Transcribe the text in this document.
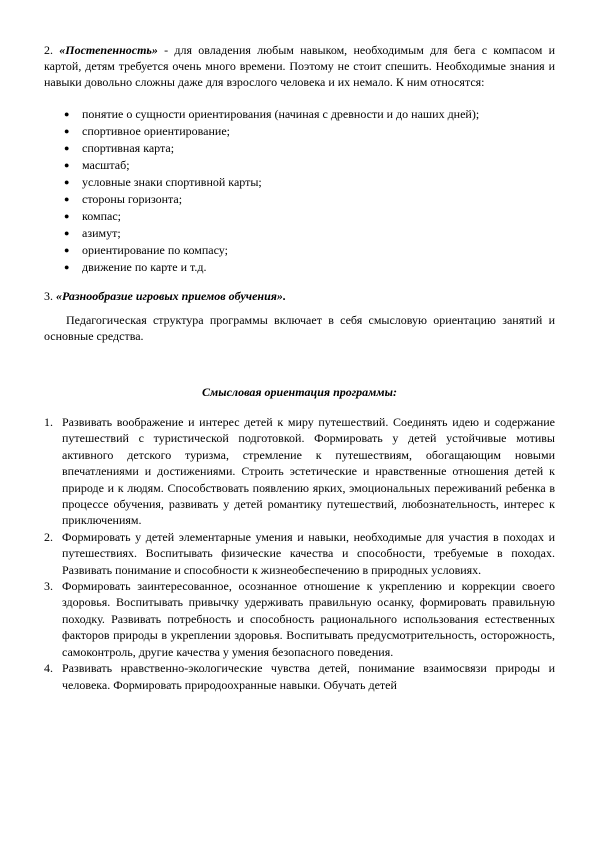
2. «Постепенность» - для овладения любым навыком, необходимым для бега с компасом и картой, детям требуется очень много времени. Поэтому не стоит спешить. Необходимые знания и навыки довольно сложны даже для взрослого человека и их немало. К ним относятся:

● понятие о сущности ориентирования (начиная с древности и до наших дней);
● спортивное ориентирование;
● спортивная карта;
● масштаб;
● условные знаки спортивной карты;
● стороны горизонта;
● компас;
● азимут;
● ориентирование по компасу;
● движение по карте и т.д.

3. «Разнообразие игровых приемов обучения».

Педагогическая структура программы включает в себя смысловую ориентацию занятий и основные средства.

Смысловая ориентация программы:

1. Развивать воображение и интерес детей к миру путешествий. Соединять идею и содержание путешествий с туристической подготовкой. Формировать у детей устойчивые мотивы активного детского туризма, стремление к путешествиям, обогащающим новыми впечатлениями и достижениями. Строить эстетические и нравственные отношения детей к природе и к людям. Способствовать появлению ярких, эмоциональных переживаний ребенка в процессе обучения, развивать у детей романтику путешествий, любознательность, интерес к приключениям.
2. Формировать у детей элементарные умения и навыки, необходимые для участия в походах и путешествиях. Воспитывать физические качества и способности, требуемые в походах. Развивать понимание и способности к жизнеобеспечению в природных условиях.
3. Формировать заинтересованное, осознанное отношение к укреплению и коррекции своего здоровья. Воспитывать привычку удерживать правильную осанку, формировать правильную походку. Развивать потребность и способность рационального использования естественных факторов природы в укреплении здоровья. Воспитывать предусмотрительность, осторожность, самоконтроль, другие качества у умения безопасного поведения.
4. Развивать нравственно-экологические чувства детей, понимание взаимосвязи природы и человека. Формировать природоохранные навыки. Обучать детей
